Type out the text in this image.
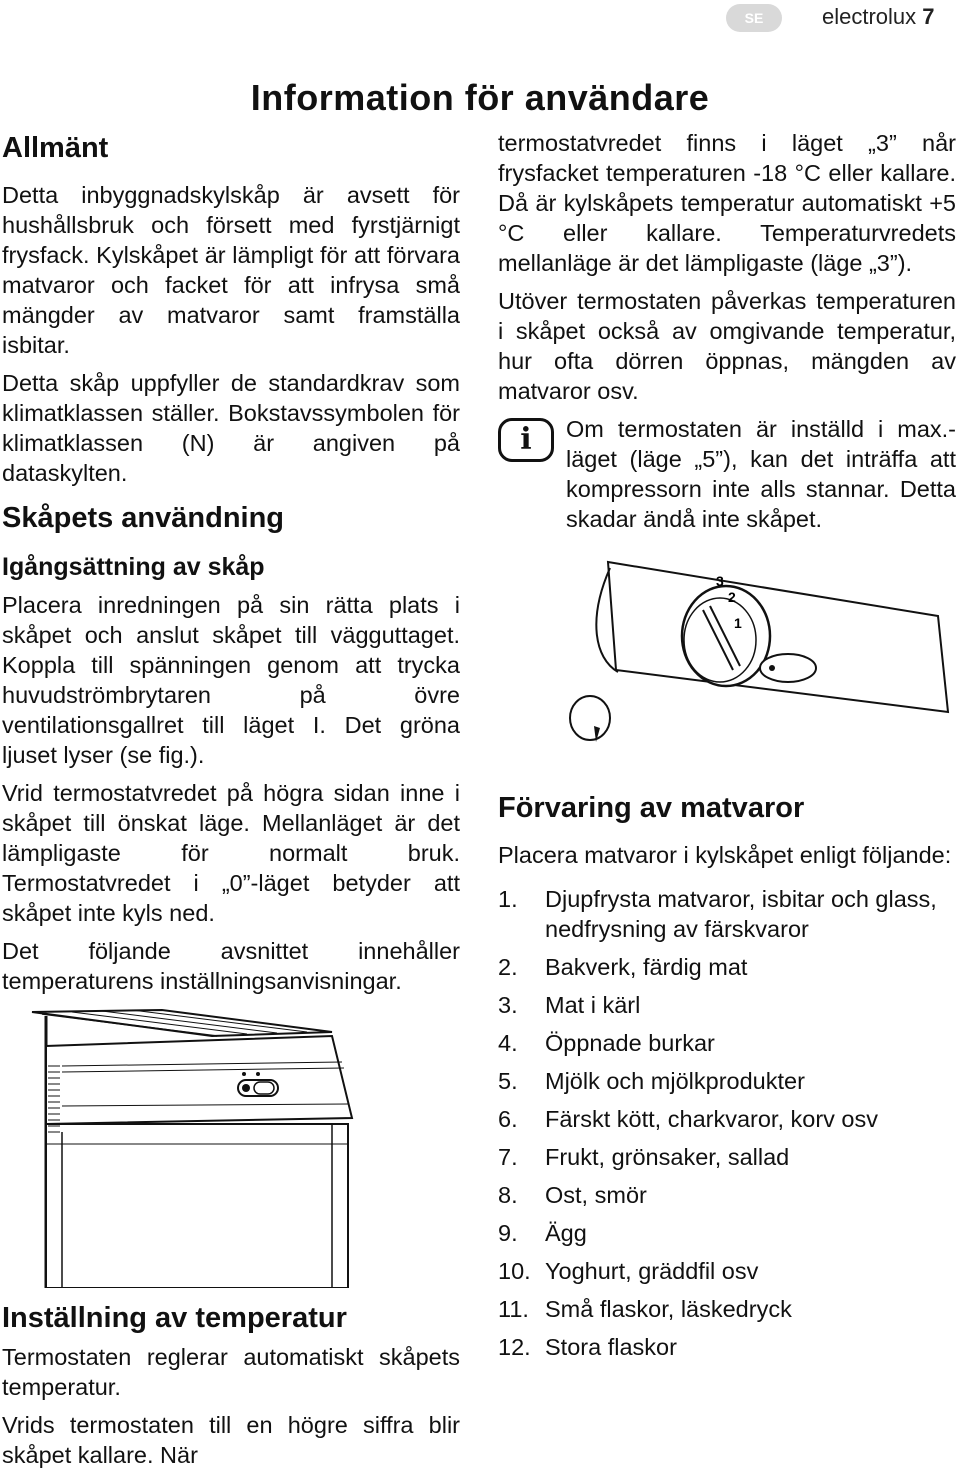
SE	electrolux 7
Information för användare
Allmänt

Detta inbyggnadskylskåp är avsett för hushållsbruk och försett med fyrstjärnigt frysfack. Kylskåpet är lämpligt för att förvara matvaror och facket för att infrysa små mängder av matvaror samt framställa isbitar.

Detta skåp uppfyller de standardkrav som klimatklassen ställer. Bokstavssymbolen för klimatklassen (N) är angiven på dataskylten.

Skåpets användning
Igångsättning av skåp

Placera inredningen på sin rätta plats i skåpet och anslut skåpet till vägguttaget. Koppla till spänningen genom att trycka huvudströmbrytaren på övre ventilationsgallret till läget I. Det gröna ljuset lyser (se fig.).

Vrid termostatvredet på högra sidan inne i skåpet till önskat läge. Mellanläget är det lämpligaste för normalt bruk. Termostatvredet i „0”-läget betyder att skåpet inte kyls ned.

Det följande avsnittet innehåller temperaturens inställningsanvisningar.

Inställning av temperatur

Termostaten reglerar automatiskt skåpets temperatur.

Vrids termostaten till en högre siffra blir skåpet kallare. När

termostatvredet finns i läget „3” når frysfacket temperaturen -18 °C eller kallare. Då är kylskåpets temperatur automatiskt +5 °C eller kallare. Temperaturvredets mellanläge är det lämpligaste (läge „3”).

Utöver termostaten påverkas temperaturen i skåpet också av omgivande temperatur, hur ofta dörren öppnas, mängden av matvaror osv.

i	Om termostaten är inställd i max.-läget (läge „5”), kan det inträffa att kompressorn inte alls stannar. Detta skadar ändå inte skåpet.

3
2
1
Förvaring av matvaror

Placera matvaror i kylskåpet enligt följande:

1.	Djupfrysta matvaror, isbitar och glass, nedfrysning av färskvaror
2.	Bakverk, färdig mat
3.	Mat i kärl
4.	Öppnade burkar
5.	Mjölk och mjölkprodukter
6.	Färskt kött, charkvaror, korv osv
7.	Frukt, grönsaker, sallad
8.	Ost, smör
9.	Ägg
10. Yoghurt, gräddfil osv
11. Små flaskor, läskedryck
12. Stora flaskor
